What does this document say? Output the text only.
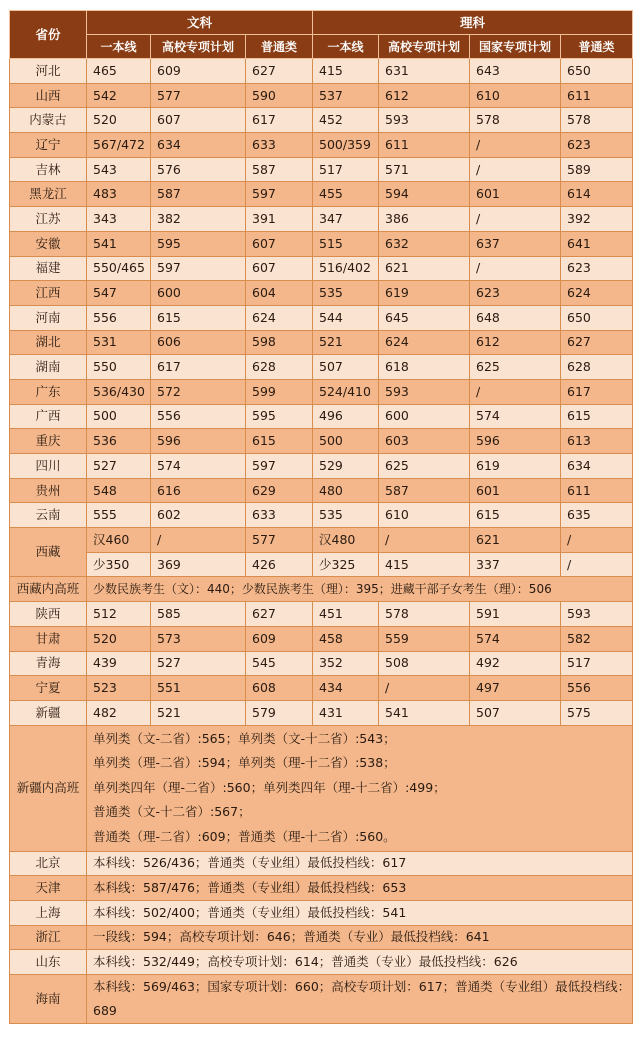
省份	文科			理科			
	一本线	高校专项计划	普通类	一本线	高校专项计划	国家专项计划	普通类
河北	465	609	627	415	631	643	650
山西	542	577	590	537	612	610	611
内蒙古	520	607	617	452	593	578	578
辽宁	567/472	634	633	500/359	611	/	623
吉林	543	576	587	517	571	/	589
黑龙江	483	587	597	455	594	601	614
江苏	343	382	391	347	386	/	392
安徽	541	595	607	515	632	637	641
福建	550/465	597	607	516/402	621	/	623
江西	547	600	604	535	619	623	624
河南	556	615	624	544	645	648	650
湖北	531	606	598	521	624	612	627
湖南	550	617	628	507	618	625	628
广东	536/430	572	599	524/410	593	/	617
广西	500	556	595	496	600	574	615
重庆	536	596	615	500	603	596	613
四川	527	574	597	529	625	619	634
贵州	548	616	629	480	587	601	611
云南	555	602	633	535	610	615	635
西藏	汉460	/	577	汉480	/	621	/
	少350	369	426	少325	415	337	/
西藏内高班	少数民族考生（文）：440；少数民族考生（理）：395；进藏干部子女考生（理）：506						
陕西	512	585	627	451	578	591	593
甘肃	520	573	609	458	559	574	582
青海	439	527	545	352	508	492	517
宁夏	523	551	608	434	/	497	556
新疆	482	521	579	431	541	507	575
新疆内高班	单列类（文-二省）:565；单列类（文-十二省）:543；
单列类（理-二省）:594；单列类（理-十二省）:538；
单列类四年（理-二省）:560；单列类四年（理-十二省）:499；
普通类（文-十二省）:567；
普通类（理-二省）:609；普通类（理-十二省）:560。						

北京	本科线：526/436；普通类（专业组）最低投档线：617						
天津	本科线：587/476；普通类（专业组）最低投档线：653						
上海	本科线：502/400；普通类（专业组）最低投档线：541						
浙江	一段线：594；高校专项计划：646；普通类（专业）最低投档线：641						
山东	本科线：532/449；高校专项计划：614；普通类（专业）最低投档线：626						
海南	本科线：569/463；国家专项计划：660；高校专项计划：617；普通类（专业组）最低投档线：689						
